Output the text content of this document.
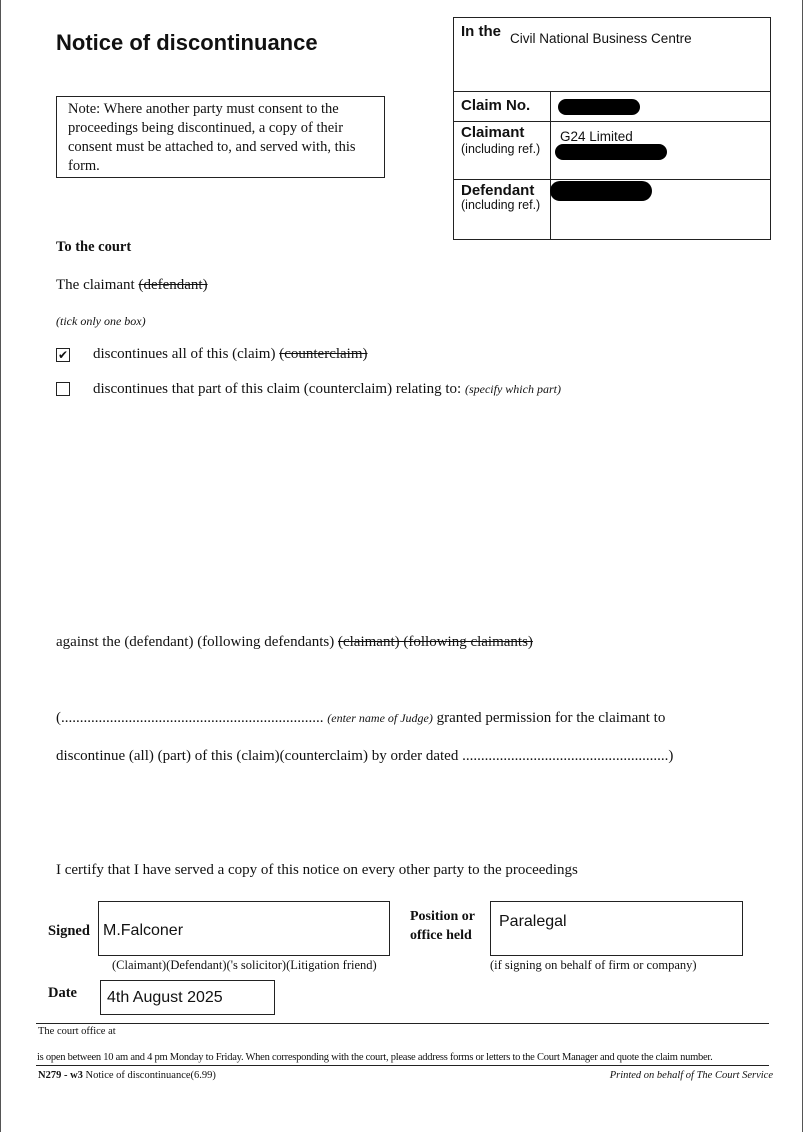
Notice of discontinuance
Note: Where another party must consent to the proceedings being discontinued, a copy of their consent must be attached to, and served with, this form.
In the Civil National Business Centre
Claim No.
Claimant
(including ref.)
G24 Limited
Defendant
(including ref.)
To the court
The claimant (defendant)
(tick only one box)
✔ discontinues all of this (claim) (counterclaim)
discontinues that part of this claim (counterclaim) relating to: (specify which part)
against the (defendant) (following defendants) (claimant) (following claimants)
(...................................................................... (enter name of Judge) granted permission for the claimant to
discontinue (all) (part) of this (claim)(counterclaim) by order dated .......................................................)
I certify that I have served a copy of this notice on every other party to the proceedings
Signed M.Falconer
(Claimant)(Defendant)('s solicitor)(Litigation friend)
Position or
office held
Paralegal
(if signing on behalf of firm or company)
Date	4th August 2025
The court office at
is open between 10 am and 4 pm Monday to Friday. When corresponding with the court, please address forms or letters to the Court Manager and quote the claim number.
N279 - w3 Notice of discontinuance(6.99)	Printed on behalf of The Court Service
